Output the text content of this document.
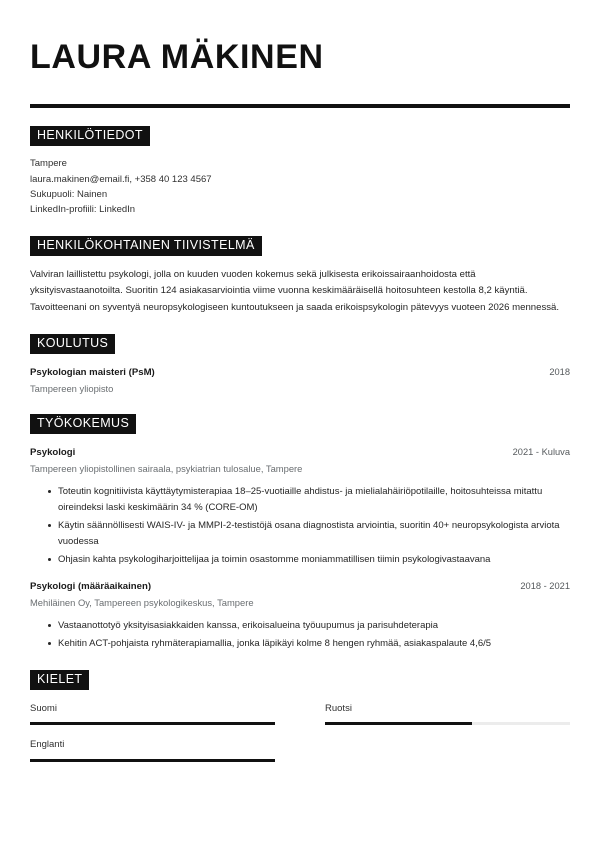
LAURA MÄKINEN
HENKILÖTIEDOT
Tampere
laura.makinen@email.fi, +358 40 123 4567
Sukupuoli: Nainen
LinkedIn-profiili: LinkedIn
HENKILÖKOHTAINEN TIIVISTELMÄ

Valviran laillistettu psykologi, jolla on kuuden vuoden kokemus sekä julkisesta erikoissairaanhoidosta että yksityisvastaanotoilta. Suoritin 124 asiakasarviointia viime vuonna keskimääräisellä hoitosuhteen kestolla 8,2 käyntiä. Tavoitteenani on syventyä neuropsykologiseen kuntoutukseen ja saada erikoispsykologin pätevyys vuoteen 2026 mennessä.

KOULUTUS
Psykologian maisteri (PsM)	2018
Tampereen yliopisto
TYÖKOKEMUS
Psykologi	2021 - Kuluva
Tampereen yliopistollinen sairaala, psykiatrian tulosalue, Tampere
Toteutin kognitiivista käyttäytymisterapiaa 18–25-vuotiaille ahdistus- ja mielialahäiriöpotilaille, hoitosuhteissa mitattu oireindeksi laski keskimäärin 34 % (CORE-OM)
Käytin säännöllisesti WAIS-IV- ja MMPI-2-testistöjä osana diagnostista arviointia, suoritin 40+ neuropsykologista arviota vuodessa
Ohjasin kahta psykologiharjoittelijaa ja toimin osastomme moniammatillisen tiimin psykologivastaavana
Psykologi (määräaikainen)	2018 - 2021
Mehiläinen Oy, Tampereen psykologikeskus, Tampere
Vastaanottotyö yksityisasiakkaiden kanssa, erikoisalueina työuupumus ja parisuhdeterapia
Kehitin ACT-pohjaista ryhmäterapiamallia, jonka läpikäyi kolme 8 hengen ryhmää, asiakaspalaute 4,6/5
KIELET
Suomi	Ruotsi
Englanti
